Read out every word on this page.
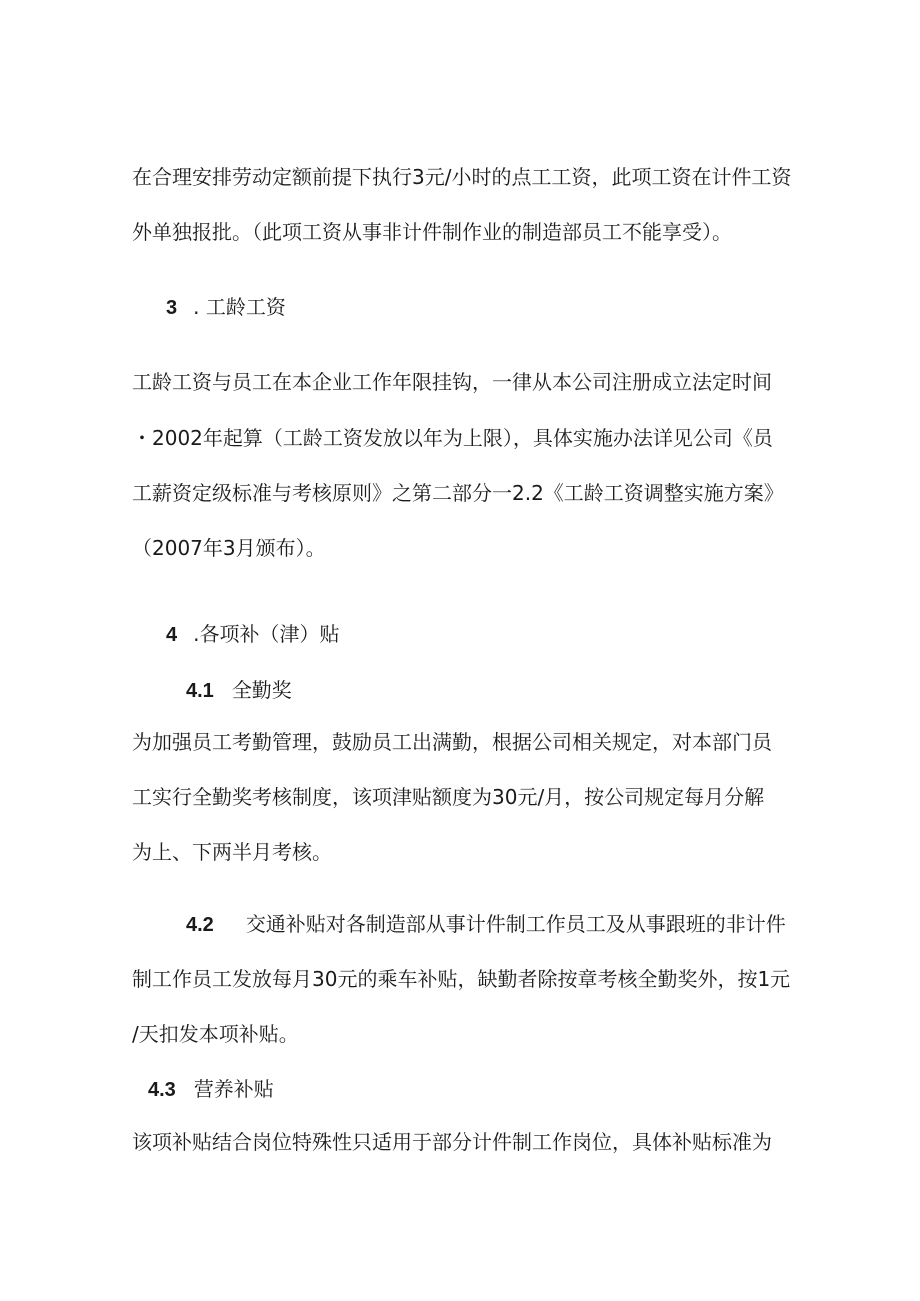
在合理安排劳动定额前提下执行3元/小时的点工工资，此项工资在计件工资
外单独报批。（此项工资从事非计件制作业的制造部员工不能享受）。
3 . 工龄工资
工龄工资与员工在本企业工作年限挂钩，一律从本公司注册成立法定时间
・2002年起算（工龄工资发放以年为上限），具体实施办法详见公司《员
工薪资定级标准与考核原则》之第二部分一2.2《工龄工资调整实施方案》
（2007年3月颁布）。
4 .各项补（津）贴
4.1 全勤奖
为加强员工考勤管理，鼓励员工出满勤，根据公司相关规定，对本部门员
工实行全勤奖考核制度，该项津贴额度为30元/月，按公司规定每月分解
为上、下两半月考核。
4.2 交通补贴对各制造部从事计件制工作员工及从事跟班的非计件
制工作员工发放每月30元的乘车补贴，缺勤者除按章考核全勤奖外，按1元
/天扣发本项补贴。
4.3 营养补贴
该项补贴结合岗位特殊性只适用于部分计件制工作岗位，具体补贴标准为
